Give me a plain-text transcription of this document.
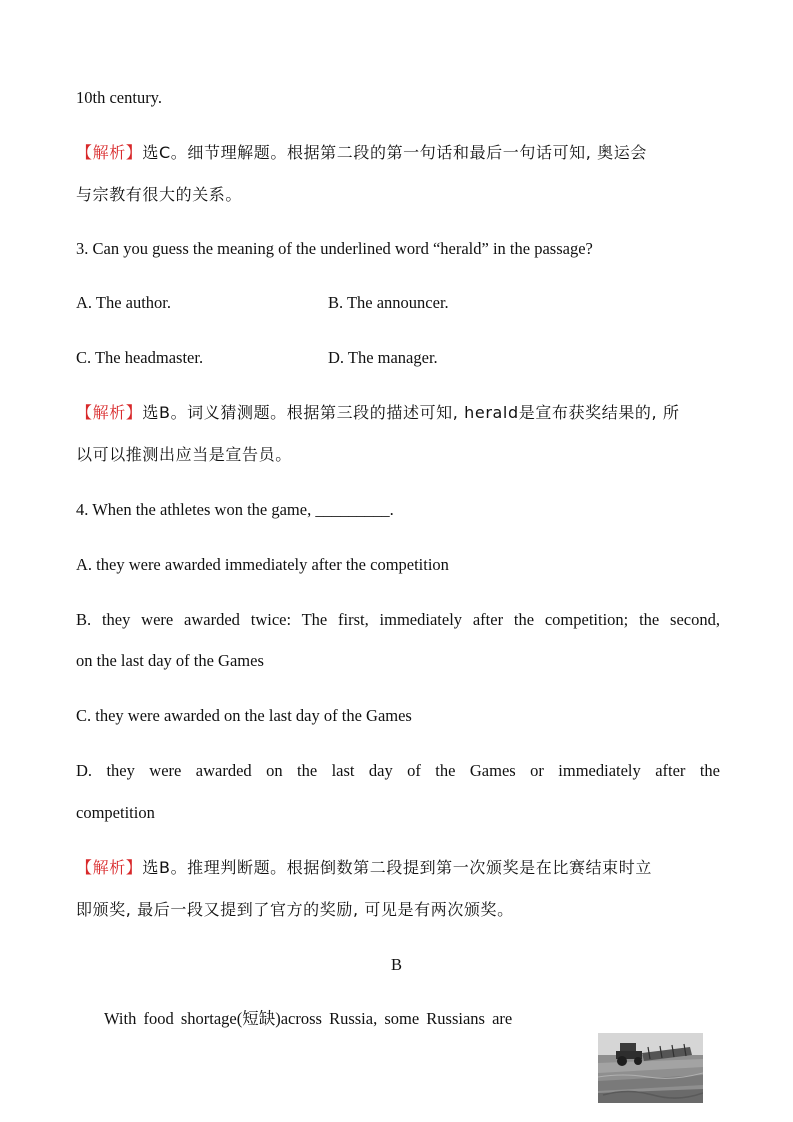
10th century.
【解析】选C。细节理解题。根据第二段的第一句话和最后一句话可知, 奥运会
与宗教有很大的关系。
3. Can you guess the meaning of the underlined word “herald” in the passage?
A. The author.	B. The announcer.
C. The headmaster.	D. The manager.
【解析】选B。词义猜测题。根据第三段的描述可知, herald是宣布获奖结果的, 所
以可以推测出应当是宣告员。
4. When the athletes won the game, _________.
A. they were awarded immediately after the competition
B. they were awarded twice: The first, immediately after the competition; the second,
on the last day of the Games
C. they were awarded on the last day of the Games
D. they were awarded on the last day of the Games or immediately after the
competition
【解析】选B。推理判断题。根据倒数第二段提到第一次颁奖是在比赛结束时立
即颁奖, 最后一段又提到了官方的奖励, 可见是有两次颁奖。
B
With food shortage(短缺)across Russia, some Russians are
